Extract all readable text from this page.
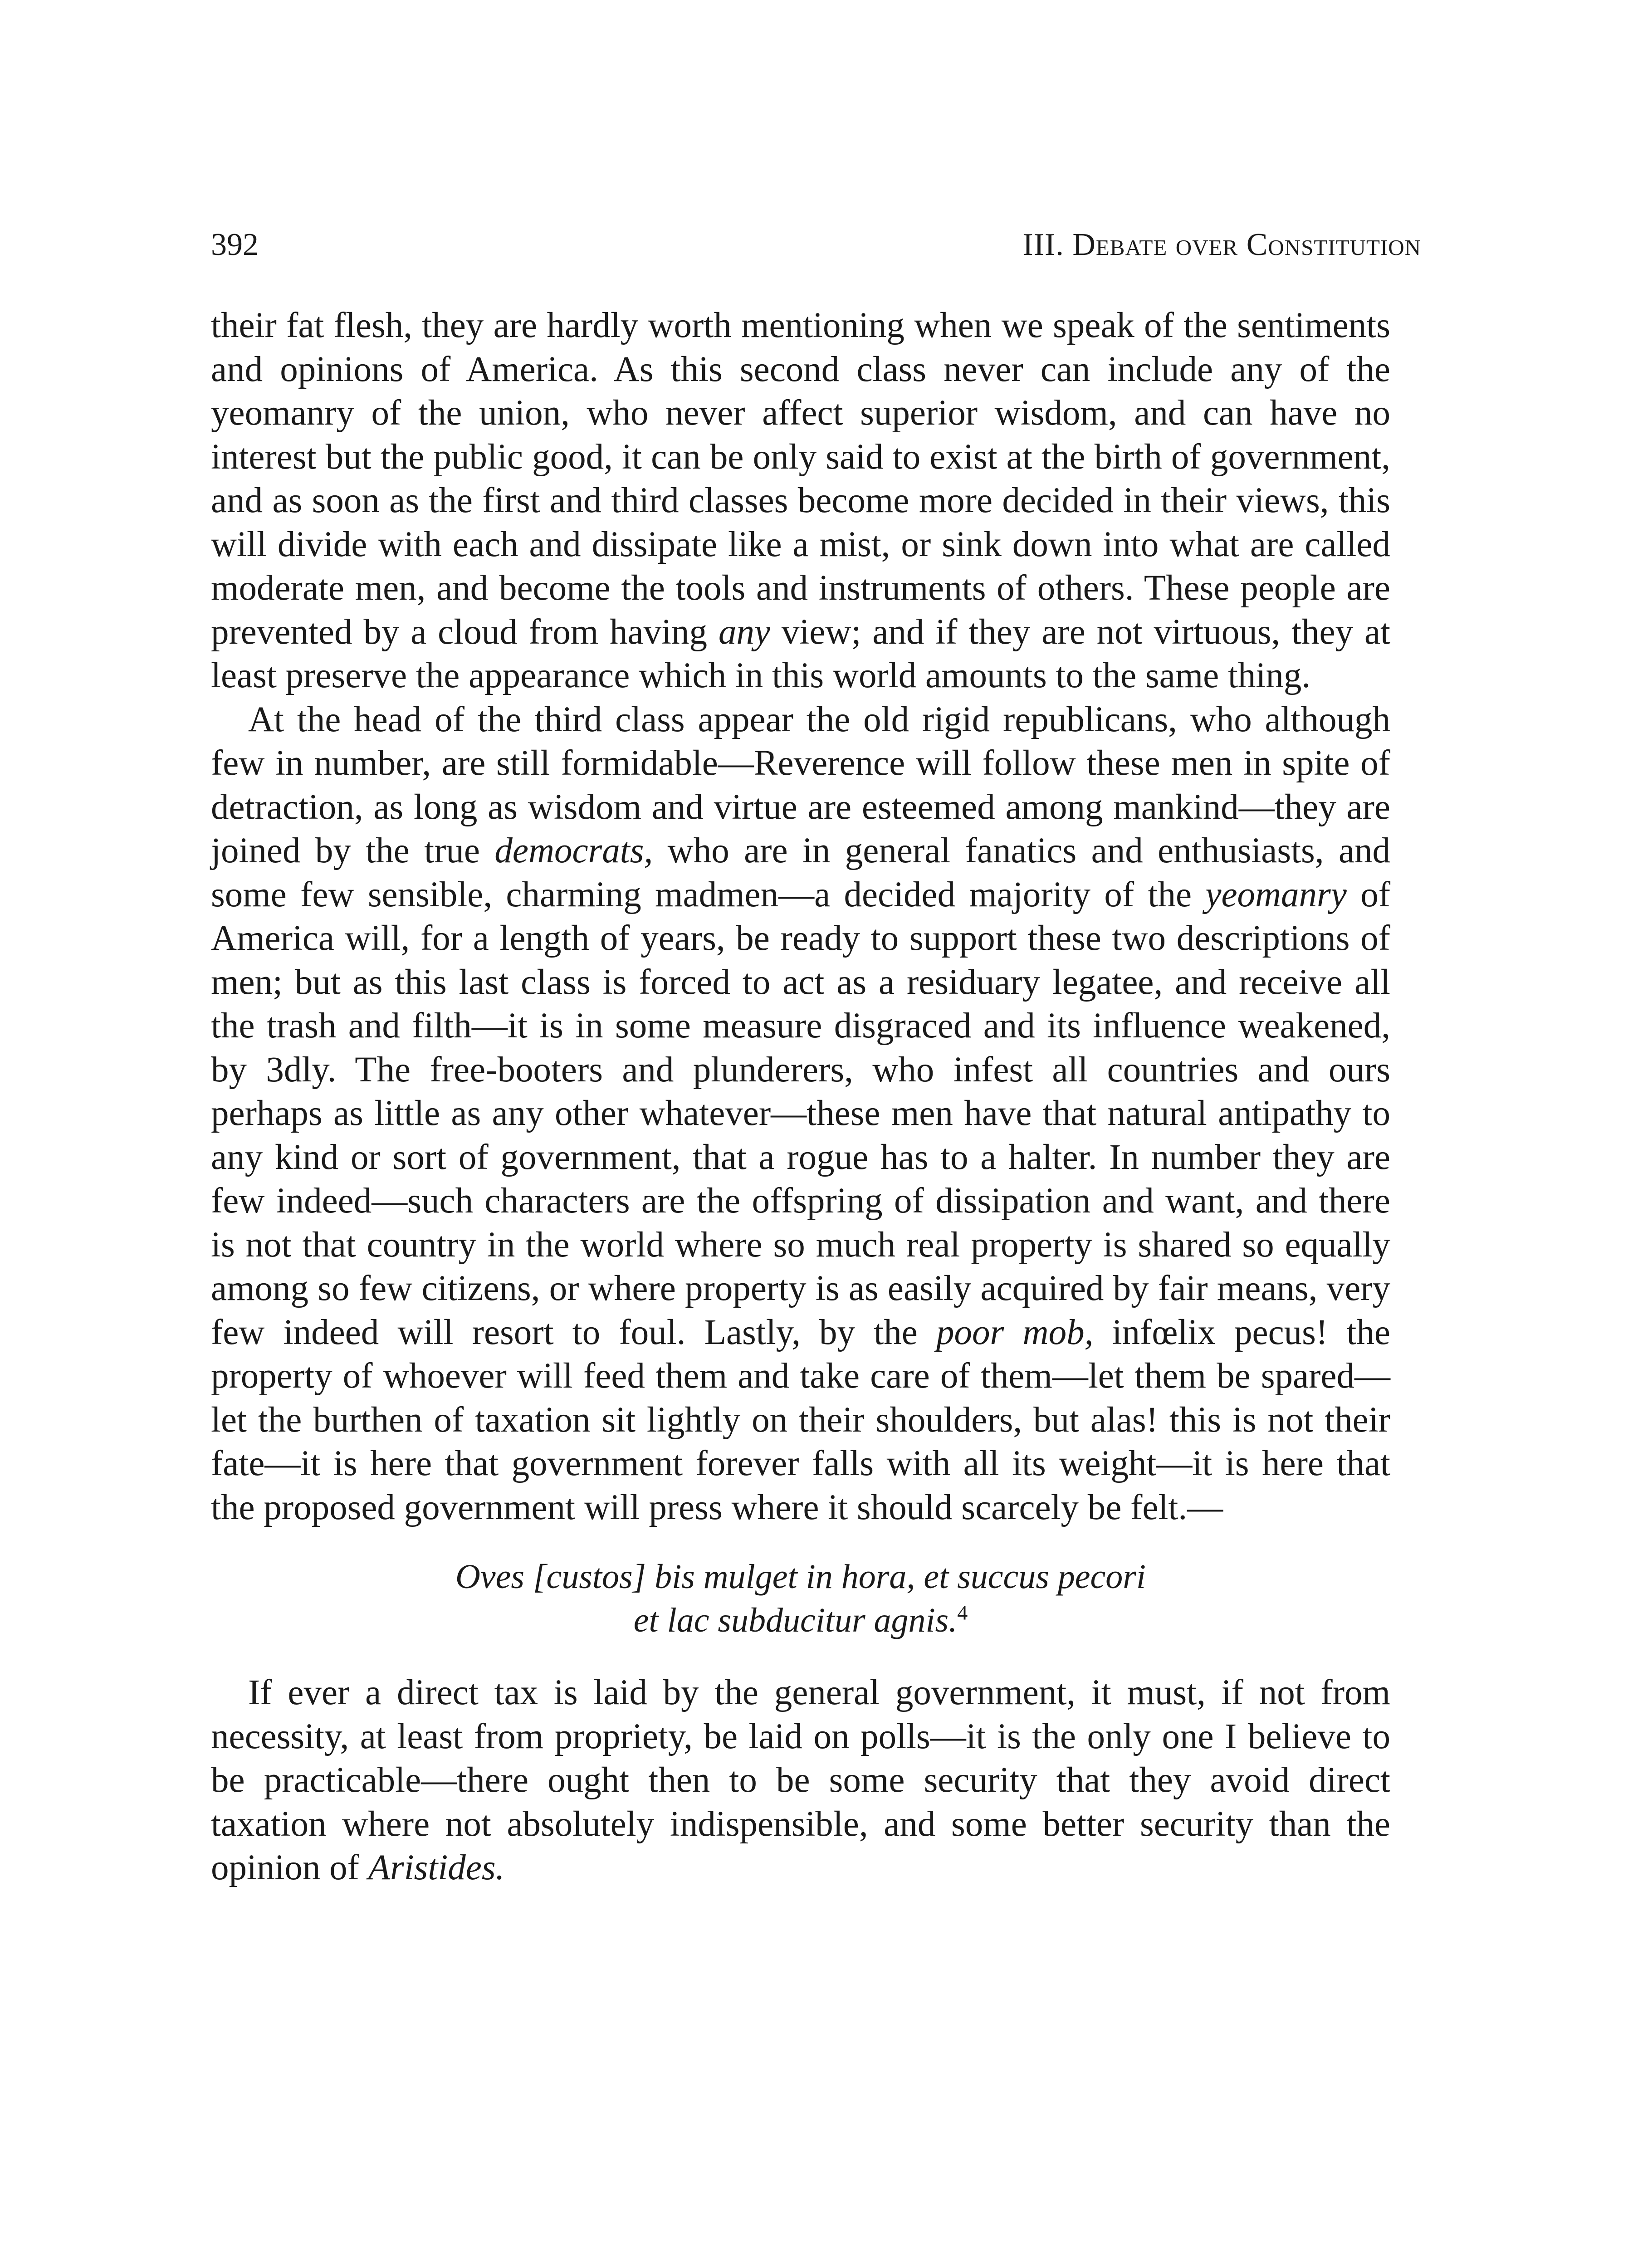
392	III. Debate over Constitution

their fat flesh, they are hardly worth mentioning when we speak of the sentiments and opinions of America. As this second class never can include any of the yeomanry of the union, who never affect superior wisdom, and can have no interest but the public good, it can be only said to exist at the birth of government, and as soon as the first and third classes become more decided in their views, this will divide with each and dissipate like a mist, or sink down into what are called moderate men, and become the tools and instruments of others. These people are prevented by a cloud from having any view; and if they are not virtuous, they at least preserve the appearance which in this world amounts to the same thing.

At the head of the third class appear the old rigid republicans, who although few in number, are still formidable—Reverence will follow these men in spite of detraction, as long as wisdom and virtue are esteemed among mankind—they are joined by the true democrats, who are in general fanatics and enthusiasts, and some few sensible, charming madmen—a decided majority of the yeomanry of America will, for a length of years, be ready to support these two descriptions of men; but as this last class is forced to act as a residuary legatee, and receive all the trash and filth—it is in some measure disgraced and its influence weakened, by 3dly. The free-booters and plunderers, who infest all countries and ours perhaps as little as any other whatever—these men have that natural antipathy to any kind or sort of government, that a rogue has to a halter. In number they are few indeed—such characters are the offspring of dissipation and want, and there is not that country in the world where so much real property is shared so equally among so few citizens, or where property is as easily acquired by fair means, very few indeed will resort to foul. Lastly, by the poor mob, infœlix pecus! the property of whoever will feed them and take care of them—let them be spared—let the burthen of taxation sit lightly on their shoulders, but alas! this is not their fate—it is here that government forever falls with all its weight—it is here that the proposed government will press where it should scarcely be felt.—

Oves [custos] bis mulget in hora, et succus pecori
et lac subducitur agnis.$^4$

If ever a direct tax is laid by the general government, it must, if not from necessity, at least from propriety, be laid on polls—it is the only one I believe to be practicable—there ought then to be some security that they avoid direct taxation where not absolutely indispensible, and some better security than the opinion of Aristides.
